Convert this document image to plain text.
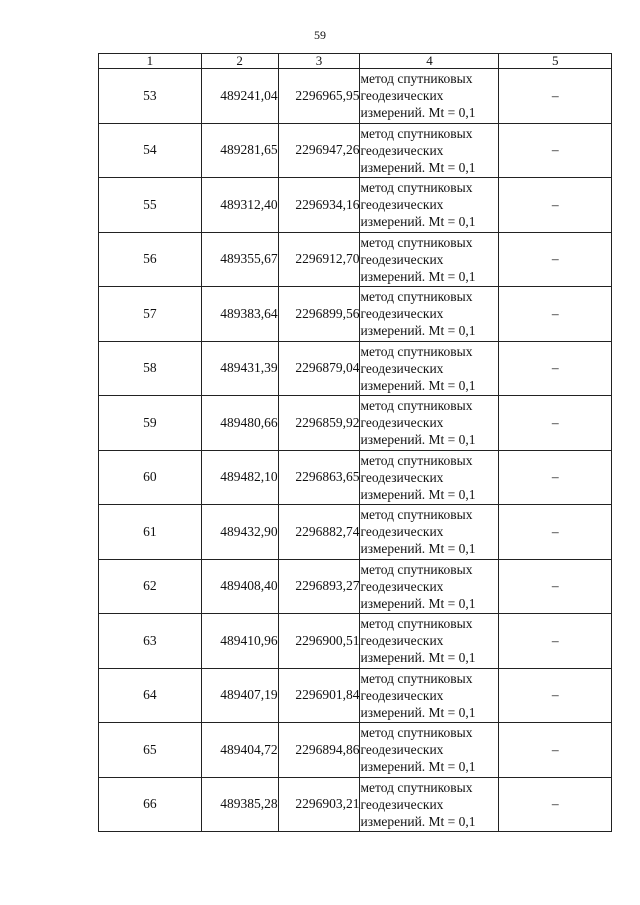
59
1	2	3	4	5
53	489241,04	2296965,95	метод спутниковых
геодезических
измерений. Mt = 0,1	–
54	489281,65	2296947,26	метод спутниковых
геодезических
измерений. Mt = 0,1	–
55	489312,40	2296934,16	метод спутниковых
геодезических
измерений. Mt = 0,1	–
56	489355,67	2296912,70	метод спутниковых
геодезических
измерений. Mt = 0,1	–
57	489383,64	2296899,56	метод спутниковых
геодезических
измерений. Mt = 0,1	–
58	489431,39	2296879,04	метод спутниковых
геодезических
измерений. Mt = 0,1	–
59	489480,66	2296859,92	метод спутниковых
геодезических
измерений. Mt = 0,1	–
60	489482,10	2296863,65	метод спутниковых
геодезических
измерений. Mt = 0,1	–
61	489432,90	2296882,74	метод спутниковых
геодезических
измерений. Mt = 0,1	–
62	489408,40	2296893,27	метод спутниковых
геодезических
измерений. Mt = 0,1	–
63	489410,96	2296900,51	метод спутниковых
геодезических
измерений. Mt = 0,1	–
64	489407,19	2296901,84	метод спутниковых
геодезических
измерений. Mt = 0,1	–
65	489404,72	2296894,86	метод спутниковых
геодезических
измерений. Mt = 0,1	–
66	489385,28	2296903,21	метод спутниковых
геодезических
измерений. Mt = 0,1	–
